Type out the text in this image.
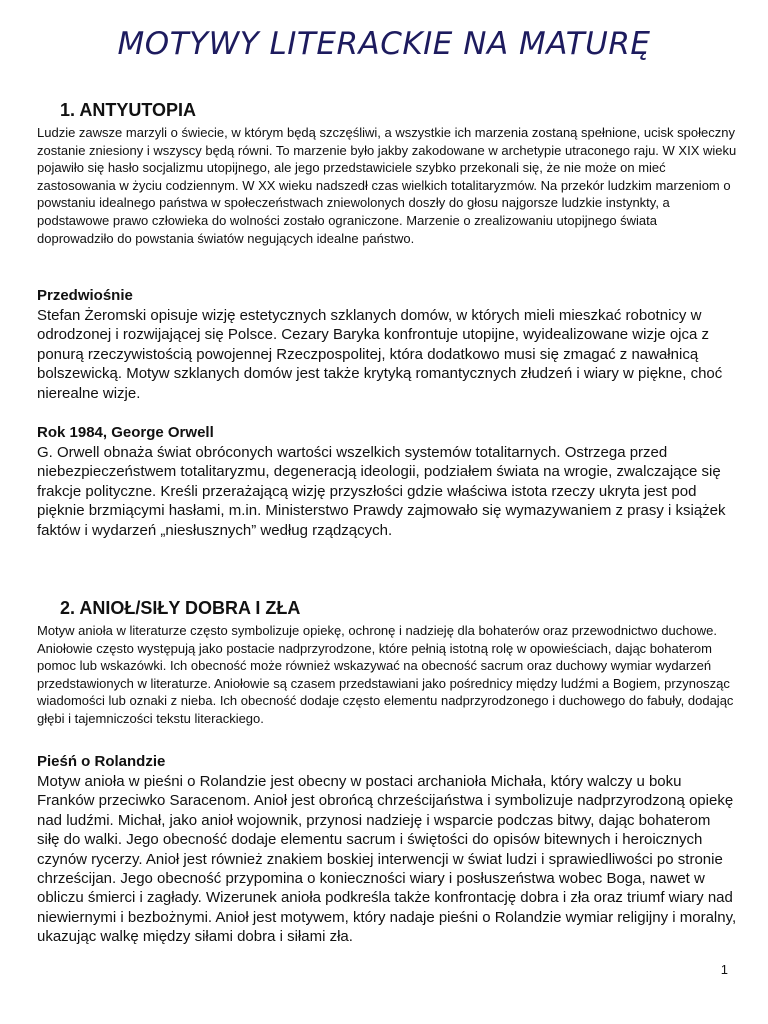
MOTYWY LITERACKIE NA MATURĘ
1. ANTYUTOPIA

Ludzie zawsze marzyli o świecie, w którym będą szczęśliwi, a wszystkie ich marzenia zostaną spełnione, ucisk społeczny zostanie zniesiony i wszyscy będą równi. To marzenie było jakby zakodowane w archetypie utraconego raju. W XIX wieku pojawiło się hasło socjalizmu utopijnego, ale jego przedstawiciele szybko przekonali się, że nie może on mieć zastosowania w życiu codziennym. W XX wieku nadszedł czas wielkich totalitaryzmów. Na przekór ludzkim marzeniom o powstaniu idealnego państwa w społeczeństwach zniewolonych doszły do głosu najgorsze ludzkie instynkty, a podstawowe prawo człowieka do wolności zostało ograniczone. Marzenie o zrealizowaniu utopijnego świata doprowadziło do powstania światów negujących idealne państwo.

Przedwiośnie

Stefan Żeromski opisuje wizję estetycznych szklanych domów, w których mieli mieszkać robotnicy w odrodzonej i rozwijającej się Polsce. Cezary Baryka konfrontuje utopijne, wyidealizowane wizje ojca z ponurą rzeczywistością powojennej Rzeczpospolitej, która dodatkowo musi się zmagać z nawałnicą bolszewicką. Motyw szklanych domów jest także krytyką romantycznych złudzeń i wiary w piękne, choć nierealne wizje.

Rok 1984, George Orwell

G. Orwell obnaża świat obróconych wartości wszelkich systemów totalitarnych. Ostrzega przed niebezpieczeństwem totalitaryzmu, degeneracją ideologii, podziałem świata na wrogie, zwalczające się frakcje polityczne. Kreśli przerażającą wizję przyszłości gdzie właściwa istota rzeczy ukryta jest pod pięknie brzmiącymi hasłami, m.in. Ministerstwo Prawdy zajmowało się wymazywaniem z prasy i książek faktów i wydarzeń „niesłusznych” według rządzących.

2. ANIOŁ/SIŁY DOBRA I ZŁA

Motyw anioła w literaturze często symbolizuje opiekę, ochronę i nadzieję dla bohaterów oraz przewodnictwo duchowe. Aniołowie często występują jako postacie nadprzyrodzone, które pełnią istotną rolę w opowieściach, dając bohaterom pomoc lub wskazówki. Ich obecność może również wskazywać na obecność sacrum oraz duchowy wymiar wydarzeń przedstawionych w literaturze. Aniołowie są czasem przedstawiani jako pośrednicy między ludźmi a Bogiem, przynosząc wiadomości lub oznaki z nieba. Ich obecność dodaje często elementu nadprzyrodzonego i duchowego do fabuły, dodając głębi i tajemniczości tekstu literackiego.

Pieśń o Rolandzie

Motyw anioła w pieśni o Rolandzie jest obecny w postaci archanioła Michała, który walczy u boku Franków przeciwko Saracenom. Anioł jest obrońcą chrześcijaństwa i symbolizuje nadprzyrodzoną opiekę nad ludźmi. Michał, jako anioł wojownik, przynosi nadzieję i wsparcie podczas bitwy, dając bohaterom siłę do walki. Jego obecność dodaje elementu sacrum i świętości do opisów bitewnych i heroicznych czynów rycerzy. Anioł jest również znakiem boskiej interwencji w świat ludzi i sprawiedliwości po stronie chrześcijan. Jego obecność przypomina o konieczności wiary i posłuszeństwa wobec Boga, nawet w obliczu śmierci i zagłady. Wizerunek anioła podkreśla także konfrontację dobra i zła oraz triumf wiary nad niewiernymi i bezbożnymi. Anioł jest motywem, który nadaje pieśni o Rolandzie wymiar religijny i moralny, ukazując walkę między siłami dobra i siłami zła.

1
